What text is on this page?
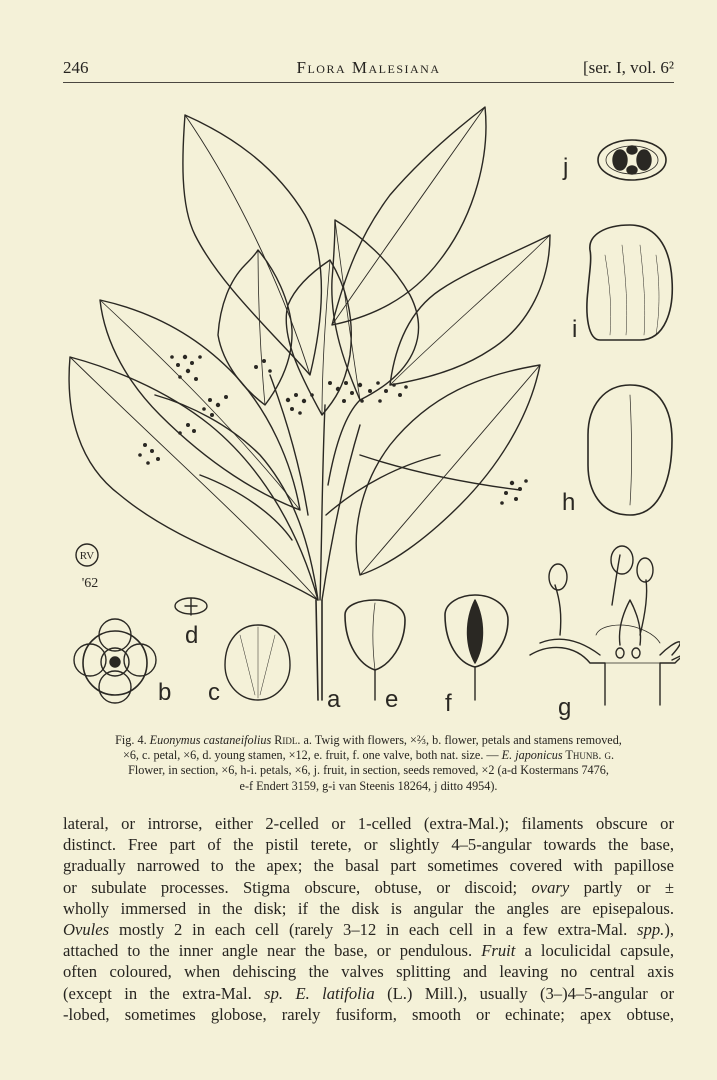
246	Flora Malesiana	[ser. I, vol. 6²
RV
'62
j
i
h
g
b c
d
a e f
Fig. 4. Euonymus castaneifolius Ridl. a. Twig with flowers, ×⅔, b. flower, petals and stamens removed,
×6, c. petal, ×6, d. young stamen, ×12, e. fruit, f. one valve, both nat. size. — E. japonicus Thunb. g.
Flower, in section, ×6, h-i. petals, ×6, j. fruit, in section, seeds removed, ×2 (a-d Kostermans 7476,
e-f Endert 3159, g-i van Steenis 18264, j ditto 4954).
lateral, or introrse, either 2-celled or 1-celled (extra-Mal.); filaments obscure or
distinct. Free part of the pistil terete, or slightly 4–5-angular towards the base,
gradually narrowed to the apex; the basal part sometimes covered with papillose
or subulate processes. Stigma obscure, obtuse, or discoid; ovary partly or ±
wholly immersed in the disk; if the disk is angular the angles are episepalous.
Ovules mostly 2 in each cell (rarely 3–12 in each cell in a few extra-Mal. spp.),
attached to the inner angle near the base, or pendulous. Fruit a loculicidal capsule,
often coloured, when dehiscing the valves splitting and leaving no central axis
(except in the extra-Mal. sp. E. latifolia (L.) Mill.), usually (3–)4–5-angular or
-lobed, sometimes globose, rarely fusiform, smooth or echinate; apex obtuse,
